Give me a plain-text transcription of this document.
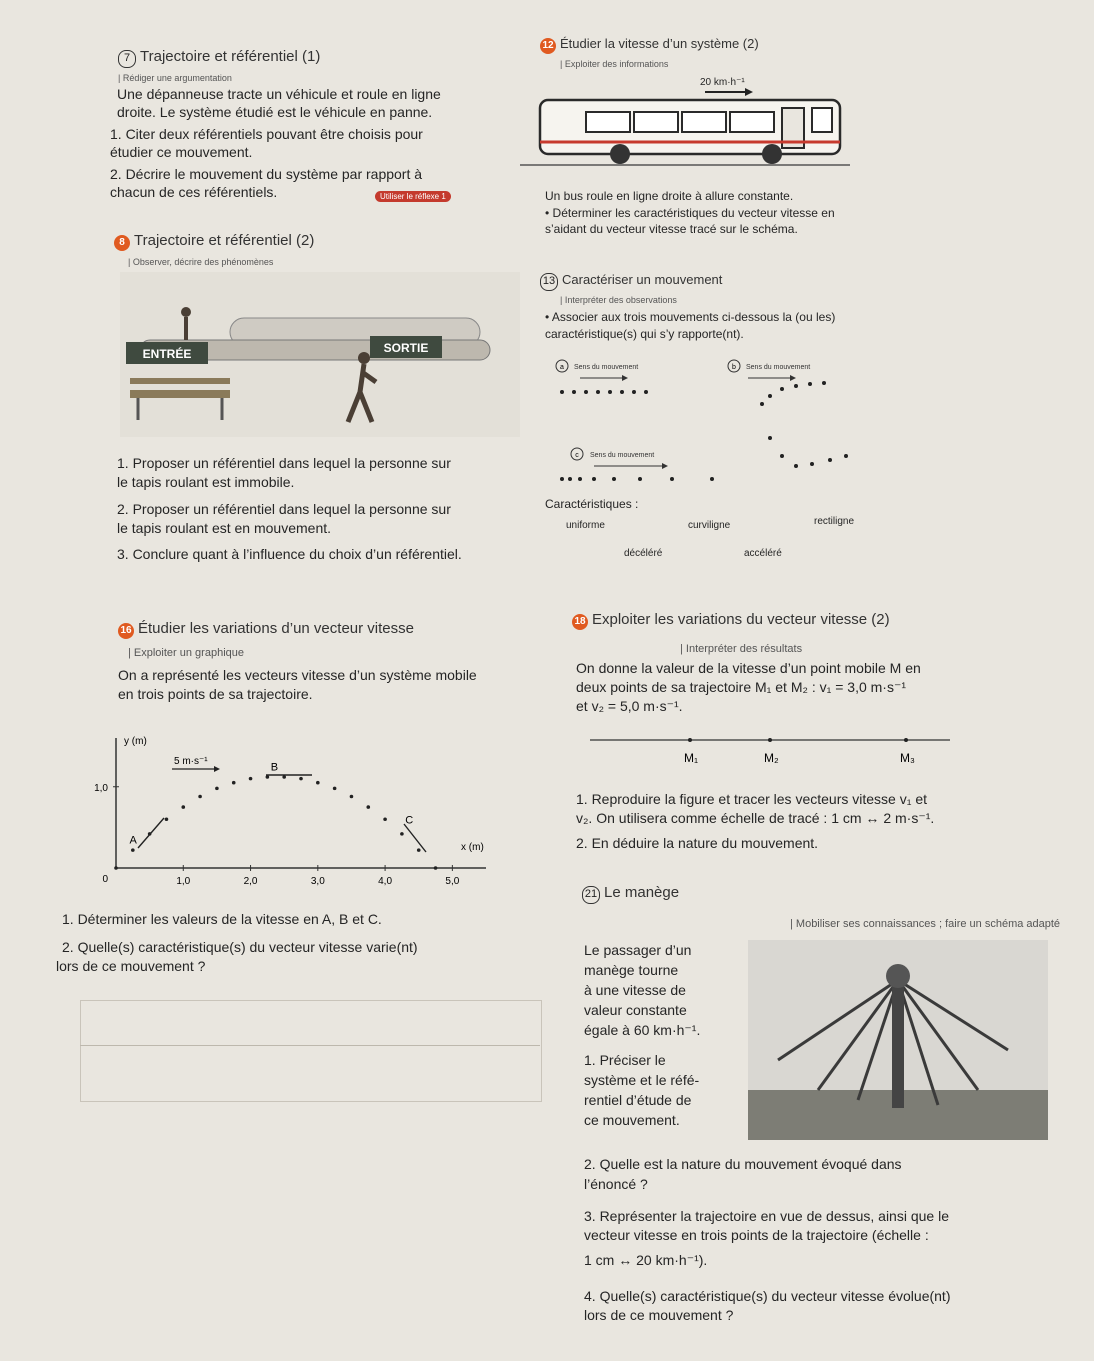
7 Trajectoire et référentiel (1)
| Rédiger une argumentation
Une dépanneuse tracte un véhicule et roule en ligne
droite. Le système étudié est le véhicule en panne.
1. Citer deux référentiels pouvant être choisis pour
étudier ce mouvement.
2. Décrire le mouvement du système par rapport à
chacun de ces référentiels.	Utiliser le réflexe 1
12 Étudier la vitesse d’un système (2)
| Exploiter des informations
20 km·h⁻¹
Un bus roule en ligne droite à allure constante.
• Déterminer les caractéristiques du vecteur vitesse en
s’aidant du vecteur vitesse tracé sur le schéma.
8 Trajectoire et référentiel (2)
| Observer, décrire des phénomènes
ENTRÉE	SORTIE
1. Proposer un référentiel dans lequel la personne sur
le tapis roulant est immobile.
2. Proposer un référentiel dans lequel la personne sur
le tapis roulant est en mouvement.
3. Conclure quant à l’influence du choix d’un référentiel.
13 Caractériser un mouvement
| Interpréter des observations
• Associer aux trois mouvements ci-dessous la (ou les)
caractéristique(s) qui s’y rapporte(nt).
a Sens du mouvement	b Sens du mouvement
c Sens du mouvement
Caractéristiques :
uniforme	curviligne	rectiligne
décéléré	accéléré
16 Étudier les variations d’un vecteur vitesse
| Exploiter un graphique
On a représenté les vecteurs vitesse d’un système mobile
en trois points de sa trajectoire.
y (m)
x (m)
1,0	2,0	3,0	4,0	5,0
0
1,0
A
B
C
5 m·s⁻¹
1. Déterminer les valeurs de la vitesse en A, B et C.
2. Quelle(s) caractéristique(s) du vecteur vitesse varie(nt)
lors de ce mouvement ?
18 Exploiter les variations du vecteur vitesse (2)
| Interpréter des résultats
On donne la valeur de la vitesse d’un point mobile M en
deux points de sa trajectoire M₁ et M₂ : v₁ = 3,0 m·s⁻¹
et v₂ = 5,0 m·s⁻¹.
M₁	M₂	M₃
1. Reproduire la figure et tracer les vecteurs vitesse v₁ et
v₂. On utilisera comme échelle de tracé : 1 cm ↔ 2 m·s⁻¹.
2. En déduire la nature du mouvement.
21 Le manège
| Mobiliser ses connaissances ; faire un schéma adapté
Le passager d’un
manège tourne
à une vitesse de
valeur constante
égale à 60 km·h⁻¹.
1. Préciser le
système et le réfé-
rentiel d’étude de
ce mouvement.
2. Quelle est la nature du mouvement évoqué dans
l’énoncé ?
3. Représenter la trajectoire en vue de dessus, ainsi que le
vecteur vitesse en trois points de la trajectoire (échelle :
1 cm ↔ 20 km·h⁻¹).
4. Quelle(s) caractéristique(s) du vecteur vitesse évolue(nt)
lors de ce mouvement ?
